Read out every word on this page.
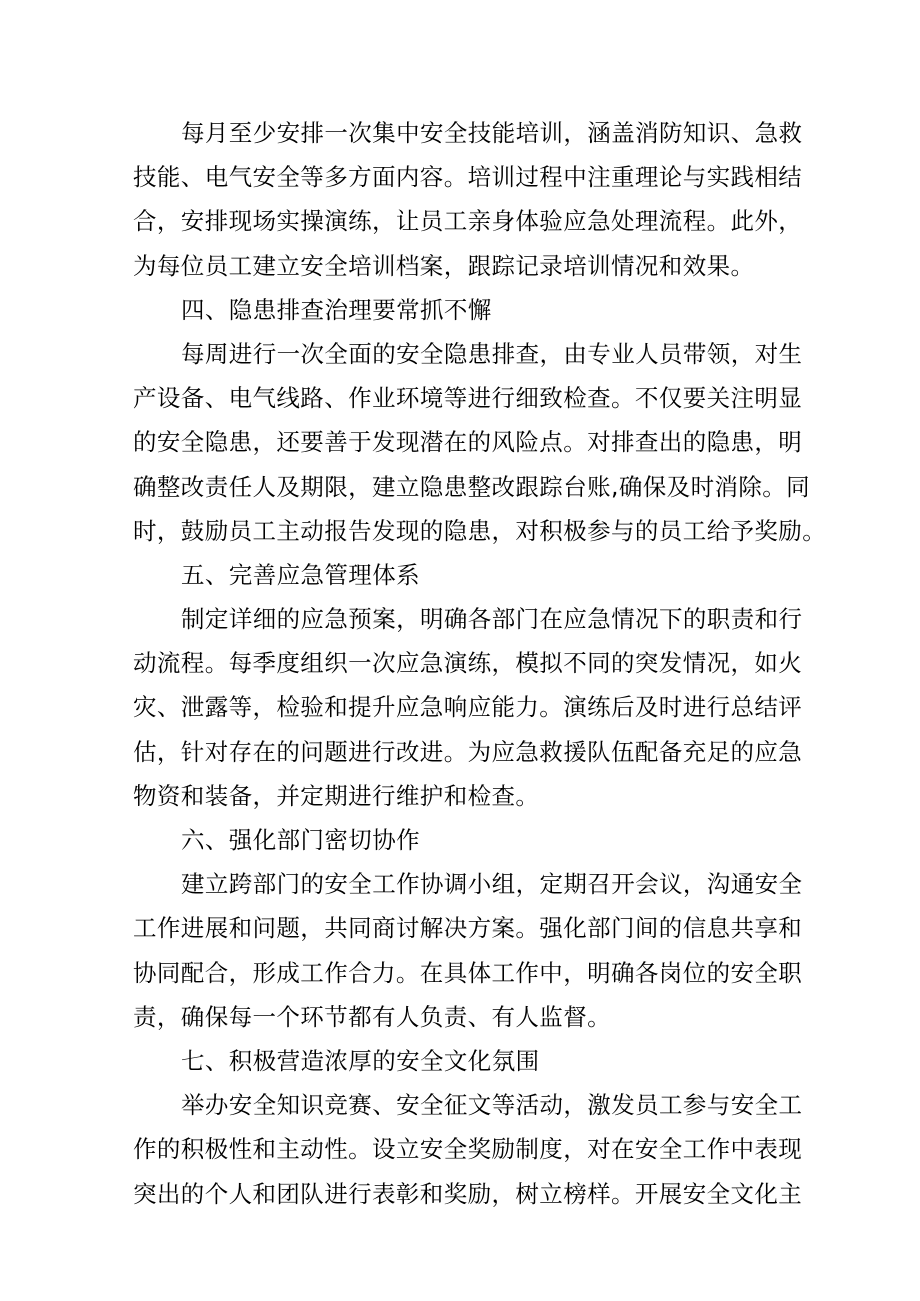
每月至少安排一次集中安全技能培训，涵盖消防知识、急救
技能、电气安全等多方面内容。培训过程中注重理论与实践相结
合，安排现场实操演练，让员工亲身体验应急处理流程。此外，
为每位员工建立安全培训档案，跟踪记录培训情况和效果。
四、隐患排查治理要常抓不懈
每周进行一次全面的安全隐患排查，由专业人员带领，对生
产设备、电气线路、作业环境等进行细致检查。不仅要关注明显
的安全隐患，还要善于发现潜在的风险点。对排查出的隐患，明
确整改责任人及期限，建立隐患整改跟踪台账,确保及时消除。同
时，鼓励员工主动报告发现的隐患，对积极参与的员工给予奖励。
五、完善应急管理体系
制定详细的应急预案，明确各部门在应急情况下的职责和行
动流程。每季度组织一次应急演练，模拟不同的突发情况，如火
灾、泄露等，检验和提升应急响应能力。演练后及时进行总结评
估，针对存在的问题进行改进。为应急救援队伍配备充足的应急
物资和装备，并定期进行维护和检查。
六、强化部门密切协作
建立跨部门的安全工作协调小组，定期召开会议，沟通安全
工作进展和问题，共同商讨解决方案。强化部门间的信息共享和
协同配合，形成工作合力。在具体工作中，明确各岗位的安全职
责，确保每一个环节都有人负责、有人监督。
七、积极营造浓厚的安全文化氛围
举办安全知识竞赛、安全征文等活动，激发员工参与安全工
作的积极性和主动性。设立安全奖励制度，对在安全工作中表现
突出的个人和团队进行表彰和奖励，树立榜样。开展安全文化主
